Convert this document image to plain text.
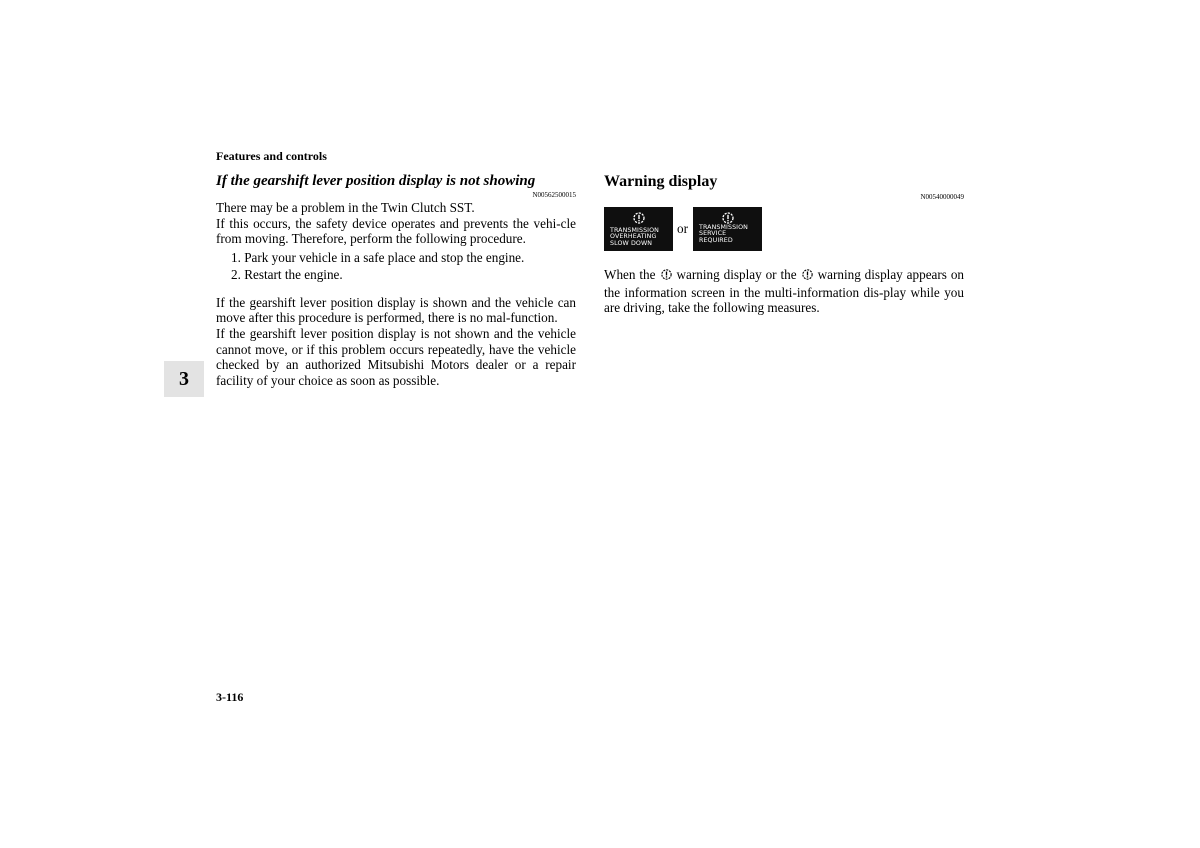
Features and controls
3
If the gearshift lever position display is not showing
N00562500015

There may be a problem in the Twin Clutch SST.

If this occurs, the safety device operates and prevents the vehi-cle from moving. Therefore, perform the following procedure.

1. Park your vehicle in a safe place and stop the engine.
2. Restart the engine.

If the gearshift lever position display is shown and the vehicle can move after this procedure is performed, there is no mal-function.

If the gearshift lever position display is not shown and the vehicle cannot move, or if this problem occurs repeatedly, have the vehicle checked by an authorized Mitsubishi Motors dealer or a repair facility of your choice as soon as possible.

Warning display
N00540000049
TRANSMISSION
OVERHEATING
SLOW DOWN
or TRANSMISSION
SERVICE REQUIRED

When the warning display or the warning display appears on the information screen in the multi-information dis-play while you are driving, take the following measures.

3-116
